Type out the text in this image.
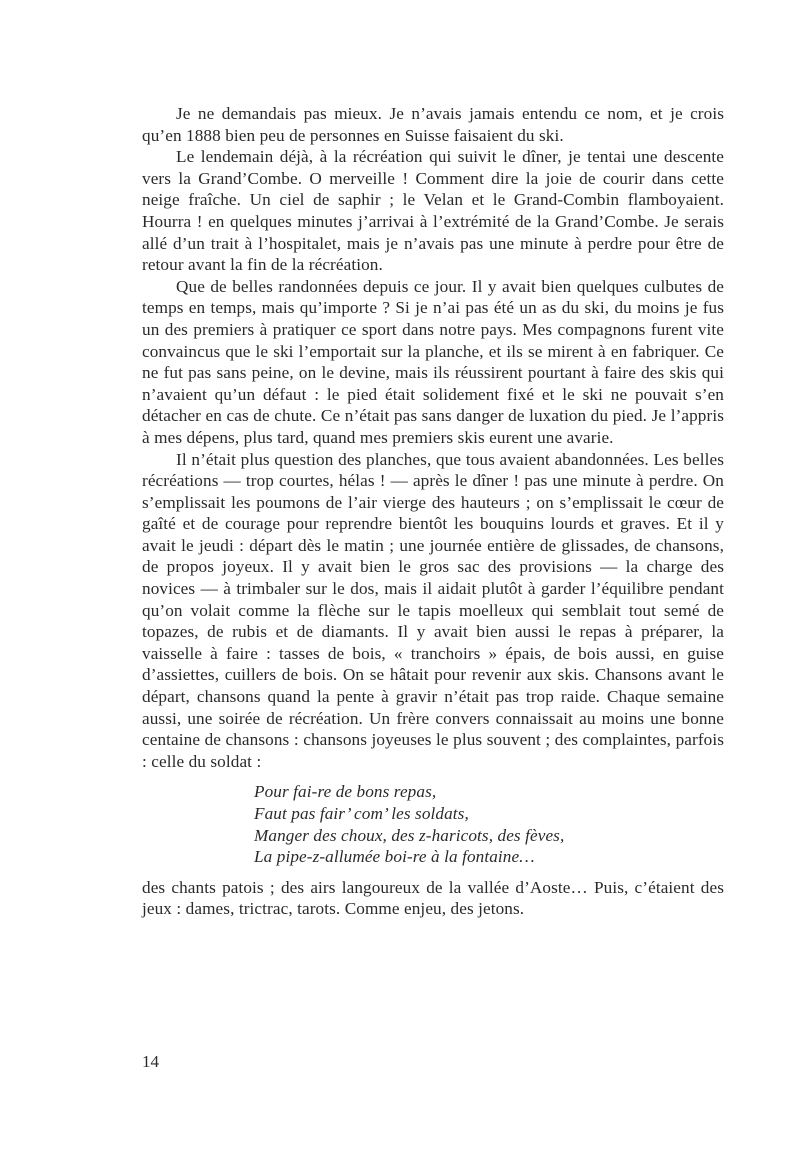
Je ne demandais pas mieux. Je n’avais jamais entendu ce nom, et je crois qu’en 1888 bien peu de personnes en Suisse faisaient du ski.

Le lendemain déjà, à la récréation qui suivit le dîner, je tentai une descente vers la Grand’Combe. O merveille ! Comment dire la joie de courir dans cette neige fraîche. Un ciel de saphir ; le Velan et le Grand-Combin flamboyaient. Hourra ! en quelques minutes j’arrivai à l’extrémité de la Grand’Combe. Je serais allé d’un trait à l’hospitalet, mais je n’avais pas une minute à perdre pour être de retour avant la fin de la récréation.

Que de belles randonnées depuis ce jour. Il y avait bien quelques culbutes de temps en temps, mais qu’importe ? Si je n’ai pas été un as du ski, du moins je fus un des premiers à pratiquer ce sport dans notre pays. Mes compagnons furent vite convaincus que le ski l’emportait sur la planche, et ils se mirent à en fabriquer. Ce ne fut pas sans peine, on le devine, mais ils réussirent pourtant à faire des skis qui n’avaient qu’un défaut : le pied était solidement fixé et le ski ne pouvait s’en détacher en cas de chute. Ce n’était pas sans danger de luxation du pied. Je l’appris à mes dépens, plus tard, quand mes premiers skis eurent une avarie.

Il n’était plus question des planches, que tous avaient abandonnées. Les belles récréations — trop courtes, hélas ! — après le dîner ! pas une minute à perdre. On s’emplissait les poumons de l’air vierge des hauteurs ; on s’emplissait le cœur de gaîté et de courage pour reprendre bientôt les bouquins lourds et graves. Et il y avait le jeudi : départ dès le matin ; une journée entière de glissades, de chansons, de propos joyeux. Il y avait bien le gros sac des provisions — la charge des novices — à trimbaler sur le dos, mais il aidait plutôt à garder l’équilibre pendant qu’on volait comme la flèche sur le tapis moelleux qui semblait tout semé de topazes, de rubis et de diamants. Il y avait bien aussi le repas à préparer, la vaisselle à faire : tasses de bois, « tranchoirs » épais, de bois aussi, en guise d’assiettes, cuillers de bois. On se hâtait pour revenir aux skis. Chansons avant le départ, chansons quand la pente à gravir n’était pas trop raide. Chaque semaine aussi, une soirée de récréation. Un frère convers connaissait au moins une bonne centaine de chansons : chansons joyeuses le plus souvent ; des complaintes, parfois : celle du soldat :

Pour fai-re de bons repas,
Faut pas fair’ com’ les soldats,
Manger des choux, des z-haricots, des fèves,
La pipe-z-allumée boi-re à la fontaine…

des chants patois ; des airs langoureux de la vallée d’Aoste… Puis, c’étaient des jeux : dames, trictrac, tarots. Comme enjeu, des jetons.

14
